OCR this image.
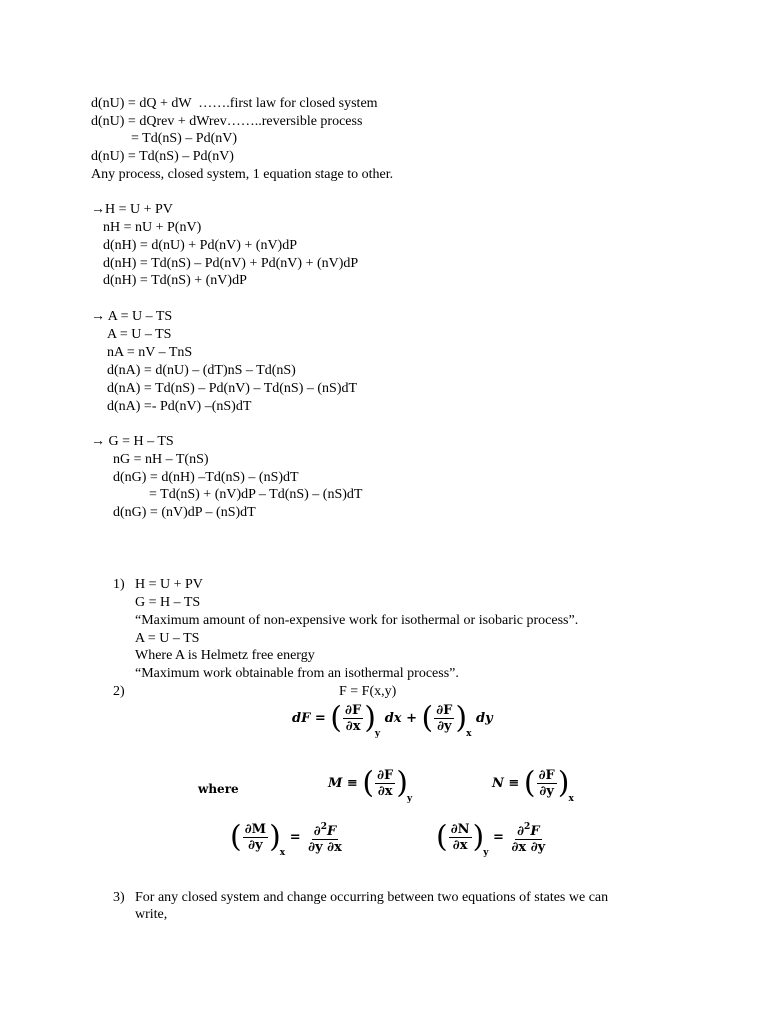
d(nU) = dQ + dW  …….first law for closed system
d(nU) = dQrev + dWrev……..reversible process
= Td(nS) – Pd(nV)
d(nU) = Td(nS) – Pd(nV)
Any process, closed system, 1 equation stage to other.
→H = U + PV
nH = nU + P(nV)
d(nH) = d(nU) + Pd(nV) + (nV)dP
d(nH) = Td(nS) – Pd(nV) + Pd(nV) + (nV)dP
d(nH) = Td(nS) + (nV)dP
→ A = U – TS
A = U – TS
nA = nV – TnS
d(nA) = d(nU) – (dT)nS – Td(nS)
d(nA) = Td(nS) – Pd(nV) – Td(nS) – (nS)dT
d(nA) =- Pd(nV) –(nS)dT
→ G = H – TS
nG = nH – T(nS)
d(nG) = d(nH) –Td(nS) – (nS)dT
= Td(nS) + (nV)dP – Td(nS) – (nS)dT
d(nG) = (nV)dP – (nS)dT
1) H = U + PV
G = H – TS
“Maximum amount of non-expensive work for isothermal or isobaric process”.
A = U – TS
Where A is Helmetz free energy
“Maximum work obtainable from an isothermal process”.
2)	F = F(x,y)
dF = ( $\frac{\partial F}{\partial x} )_y$ dx + ( $\frac{\partial F}{\partial y} )_x$ dy
where	M ≡ ( $\frac{\partial F}{\partial x} )_y$
N ≡ ( $\frac{\partial F}{\partial y} )_x$
( $\frac{\partial M}{\partial y} )_x = \frac{\partial^2F}{\partial y \partial x}$	( $\frac{\partial N}{\partial x} )_y = \frac{\partial^2F}{\partial x \partial y}$
3) For any closed system and change occurring between two equations of states we can
write,
